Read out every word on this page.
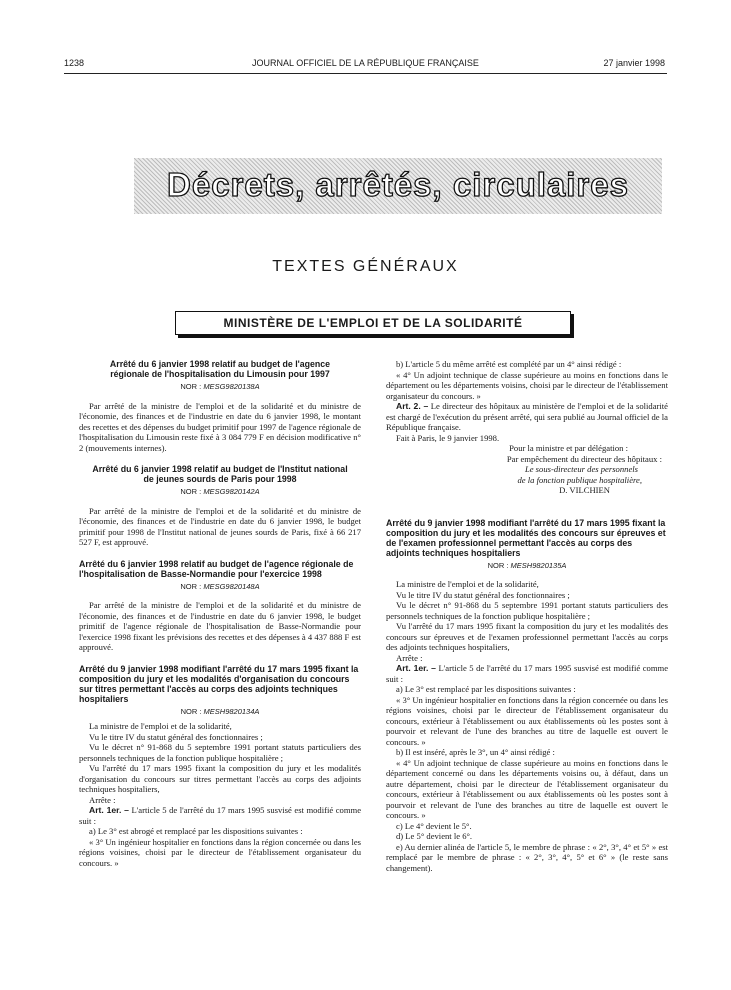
1238	JOURNAL OFFICIEL DE LA RÉPUBLIQUE FRANÇAISE	27 janvier 1998
Décrets, arrêtés, circulaires
TEXTES GÉNÉRAUX
MINISTÈRE DE L'EMPLOI ET DE LA SOLIDARITÉ
Arrêté du 6 janvier 1998 relatif au budget de l'agence régionale de l'hospitalisation du Limousin pour 1997
NOR : MESG9820138A

Par arrêté de la ministre de l'emploi et de la solidarité et du ministre de l'économie, des finances et de l'industrie en date du 6 janvier 1998, le montant des recettes et des dépenses du budget primitif pour 1997 de l'agence régionale de l'hospitalisation du Limousin reste fixé à 3 084 779 F en décision modificative n° 2 (mouvements internes).

Arrêté du 6 janvier 1998 relatif au budget de l'Institut national de jeunes sourds de Paris pour 1998
NOR : MESG9820142A

Par arrêté de la ministre de l'emploi et de la solidarité et du ministre de l'économie, des finances et de l'industrie en date du 6 janvier 1998, le budget primitif pour 1998 de l'Institut national de jeunes sourds de Paris, fixé à 66 217 527 F, est approuvé.

Arrêté du 6 janvier 1998 relatif au budget de l'agence régionale de l'hospitalisation de Basse-Normandie pour l'exercice 1998
NOR : MESG9820148A

Par arrêté de la ministre de l'emploi et de la solidarité et du ministre de l'économie, des finances et de l'industrie en date du 6 janvier 1998, le budget primitif de l'agence régionale de l'hospitalisation de Basse-Normandie pour l'exercice 1998 fixant les prévisions des recettes et des dépenses à 4 437 888 F est approuvé.

Arrêté du 9 janvier 1998 modifiant l'arrêté du 17 mars 1995 fixant la composition du jury et les modalités d'organisation du concours sur titres permettant l'accès au corps des adjoints techniques hospitaliers
NOR : MESH9820134A

La ministre de l'emploi et de la solidarité,

Vu le titre IV du statut général des fonctionnaires ;

Vu le décret n° 91-868 du 5 septembre 1991 portant statuts particuliers des personnels techniques de la fonction publique hospitalière ;

Vu l'arrêté du 17 mars 1995 fixant la composition du jury et les modalités d'organisation du concours sur titres permettant l'accès au corps des adjoints techniques hospitaliers,

Arrête :

Art. 1er. – L'article 5 de l'arrêté du 17 mars 1995 susvisé est modifié comme suit :

a) Le 3° est abrogé et remplacé par les dispositions suivantes :

« 3° Un ingénieur hospitalier en fonctions dans la région concernée ou dans les régions voisines, choisi par le directeur de l'établissement organisateur du concours. »

b) L'article 5 du même arrêté est complété par un 4° ainsi rédigé :

« 4° Un adjoint technique de classe supérieure au moins en fonctions dans le département ou les départements voisins, choisi par le directeur de l'établissement organisateur du concours. »

Art. 2. – Le directeur des hôpitaux au ministère de l'emploi et de la solidarité est chargé de l'exécution du présent arrêté, qui sera publié au Journal officiel de la République française.

Fait à Paris, le 9 janvier 1998.

Pour la ministre et par délégation :
Par empêchement du directeur des hôpitaux :
Le sous-directeur des personnels
de la fonction publique hospitalière,
D. VILCHIEN
Arrêté du 9 janvier 1998 modifiant l'arrêté du 17 mars 1995 fixant la composition du jury et les modalités des concours sur épreuves et de l'examen professionnel permettant l'accès au corps des adjoints techniques hospitaliers
NOR : MESH9820135A

La ministre de l'emploi et de la solidarité,

Vu le titre IV du statut général des fonctionnaires ;

Vu le décret n° 91-868 du 5 septembre 1991 portant statuts particuliers des personnels techniques de la fonction publique hospitalière ;

Vu l'arrêté du 17 mars 1995 fixant la composition du jury et les modalités des concours sur épreuves et de l'examen professionnel permettant l'accès au corps des adjoints techniques hospitaliers,

Arrête :

Art. 1er. – L'article 5 de l'arrêté du 17 mars 1995 susvisé est modifié comme suit :

a) Le 3° est remplacé par les dispositions suivantes :

« 3° Un ingénieur hospitalier en fonctions dans la région concernée ou dans les régions voisines, choisi par le directeur de l'établissement organisateur du concours, extérieur à l'établissement ou aux établissements où les postes sont à pourvoir et relevant de l'une des branches au titre de laquelle est ouvert le concours. »

b) Il est inséré, après le 3°, un 4° ainsi rédigé :

« 4° Un adjoint technique de classe supérieure au moins en fonctions dans le département concerné ou dans les départements voisins ou, à défaut, dans un autre département, choisi par le directeur de l'établissement organisateur du concours, extérieur à l'établissement ou aux établissements où les postes sont à pourvoir et relevant de l'une des branches au titre de laquelle est ouvert le concours. »

c) Le 4° devient le 5°.

d) Le 5° devient le 6°.

e) Au dernier alinéa de l'article 5, le membre de phrase : « 2°, 3°, 4° et 5° » est remplacé par le membre de phrase : « 2°, 3°, 4°, 5° et 6° » (le reste sans changement).
